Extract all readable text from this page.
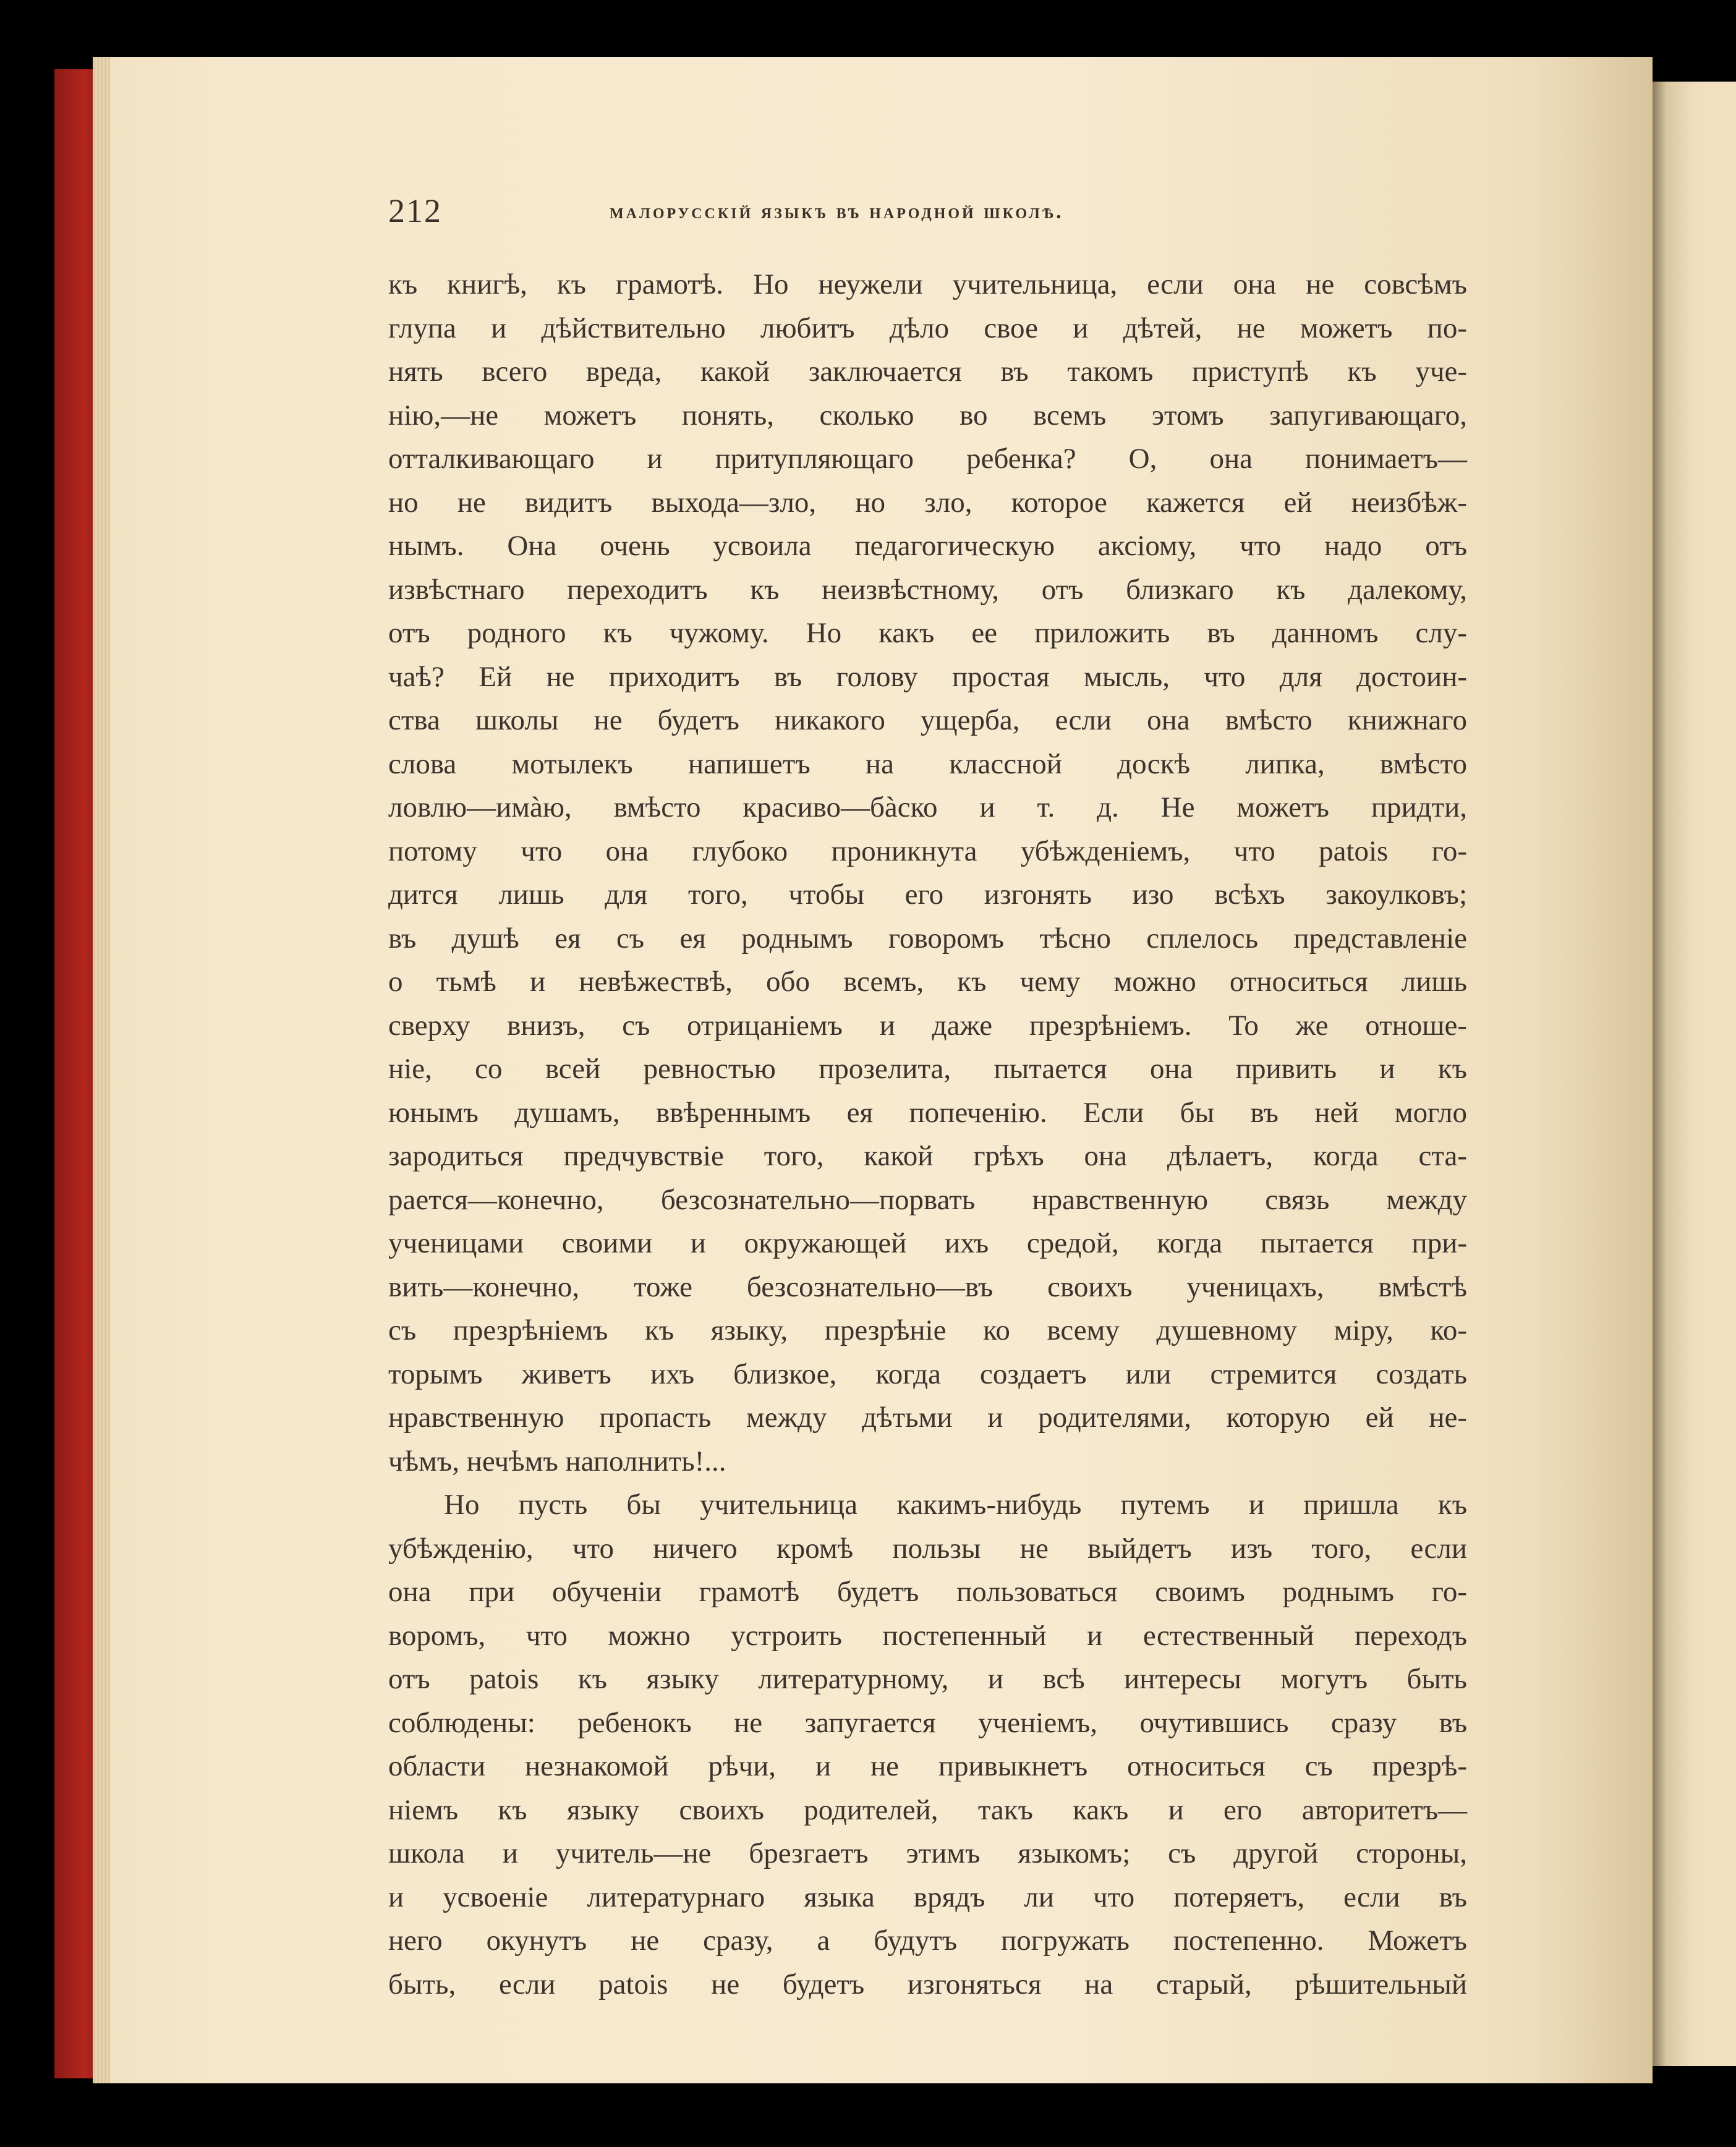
212	малорусскій языкъ въ народной школѣ.
къ книгѣ, къ грамотѣ. Но неужели учительница, если она не совсѣмъ
глупа и дѣйствительно любитъ дѣло свое и дѣтей, не можетъ по-
нять всего вреда, какой заключается въ такомъ приступѣ къ уче-
нію,—не можетъ понять, сколько во всемъ этомъ запугивающаго,
отталкивающаго и притупляющаго ребенка? О, она понимаетъ—
но не видитъ выхода—зло, но зло, которое кажется ей неизбѣж-
нымъ. Она очень усвоила педагогическую аксіому, что надо отъ
извѣстнаго переходитъ къ неизвѣстному, отъ близкаго къ далекому,
отъ родного къ чужому. Но какъ ее приложить въ данномъ слу-
чаѣ? Ей не приходитъ въ голову простая мысль, что для достоин-
ства школы не будетъ никакого ущерба, если она вмѣсто книжнаго
слова мотылекъ напишетъ на классной доскѣ липка, вмѣсто
ловлю—имàю, вмѣсто красиво—бàско и т. д. Не можетъ придти,
потому что она глубоко проникнута убѣжденіемъ, что patois го-
дится лишь для того, чтобы его изгонять изо всѣхъ закоулковъ;
въ душѣ ея съ ея роднымъ говоромъ тѣсно сплелось представленіе
о тьмѣ и невѣжествѣ, обо всемъ, къ чему можно относиться лишь
сверху внизъ, съ отрицаніемъ и даже презрѣніемъ. То же отноше-
ніе, со всей ревностью прозелита, пытается она привить и къ
юнымъ душамъ, ввѣреннымъ ея попеченію. Если бы въ ней могло
зародиться предчувствіе того, какой грѣхъ она дѣлаетъ, когда ста-
рается—конечно, безсознательно—порвать нравственную связь между
ученицами своими и окружающей ихъ средой, когда пытается при-
вить—конечно, тоже безсознательно—въ своихъ ученицахъ, вмѣстѣ
съ презрѣніемъ къ языку, презрѣніе ко всему душевному міру, ко-
торымъ живетъ ихъ близкое, когда создаетъ или стремится создать
нравственную пропасть между дѣтьми и родителями, которую ей не-
чѣмъ, нечѣмъ наполнить!...
Но пусть бы учительница какимъ-нибудь путемъ и пришла къ
убѣжденію, что ничего кромѣ пользы не выйдетъ изъ того, если
она при обученіи грамотѣ будетъ пользоваться своимъ роднымъ го-
воромъ, что можно устроить постепенный и естественный переходъ
отъ patois къ языку литературному, и всѣ интересы могутъ быть
соблюдены: ребенокъ не запугается ученіемъ, очутившись сразу въ
области незнакомой рѣчи, и не привыкнетъ относиться съ презрѣ-
ніемъ къ языку своихъ родителей, такъ какъ и его авторитетъ—
школа и учитель—не брезгаетъ этимъ языкомъ; съ другой стороны,
и усвоеніе литературнаго языка врядъ ли что потеряетъ, если въ
него окунутъ не сразу, а будутъ погружать постепенно. Можетъ
быть, если patois не будетъ изгоняться на старый, рѣшительный
